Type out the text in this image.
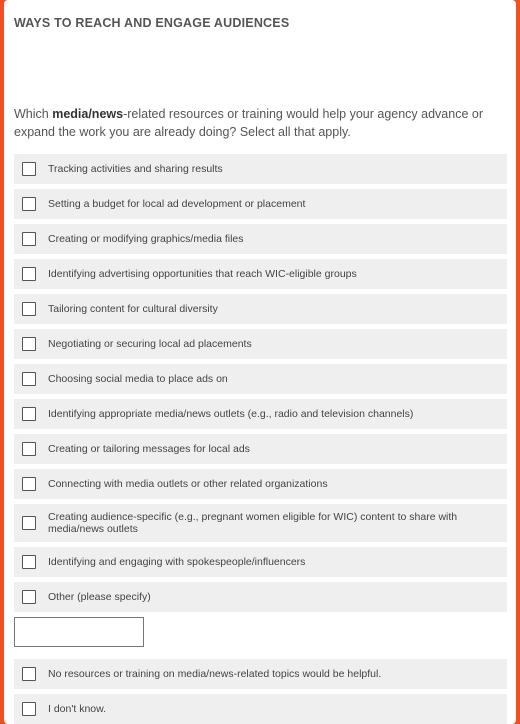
WAYS TO REACH AND ENGAGE AUDIENCES

Which media/news-related resources or training would help your agency advance or expand the work you are already doing? Select all that apply.

Tracking activities and sharing results
Setting a budget for local ad development or placement
Creating or modifying graphics/media files
Identifying advertising opportunities that reach WIC-eligible groups
Tailoring content for cultural diversity
Negotiating or securing local ad placements
Choosing social media to place ads on
Identifying appropriate media/news outlets (e.g., radio and television channels)
Creating or tailoring messages for local ads
Connecting with media outlets or other related organizations
Creating audience-specific (e.g., pregnant women eligible for WIC) content to share with media/news outlets
Identifying and engaging with spokespeople/influencers
Other (please specify)
No resources or training on media/news-related topics would be helpful.
I don't know.
